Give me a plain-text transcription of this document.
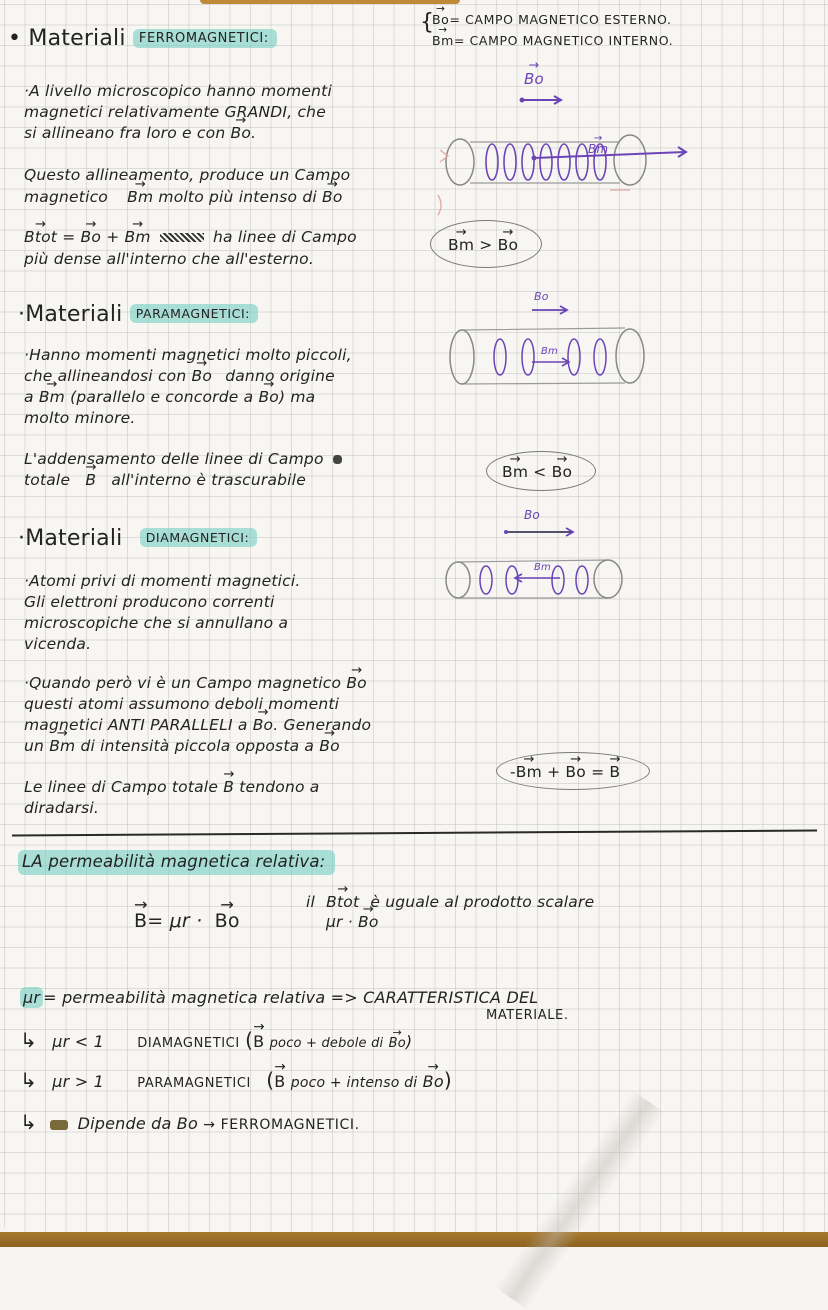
{
→ Bo= CAMPO MAGNETICO ESTERNO.
→ Bm= CAMPO MAGNETICO INTERNO.
• Materiali FERROMAGNETICI:
·A livello microscopico hanno momenti
magnetici relativamente GRANDI, che
si allineano fra loro e con → Bo.
Questo allineamento, produce un Campo
magnetico → Bm molto più intenso di → Bo
→ Btot = → Bo + → Bm	ha linee di Campo
più dense all'interno che all'esterno.
→ Bo
→ Bm
→ Bm > → Bo
·Materiali PARAMAGNETICI:
·Hanno momenti magnetici molto piccoli,
che allineandosi con → Bo danno origine
a → Bm (parallelo e concorde a → Bo) ma
molto minore.
L'addensamento delle linee di Campo
totale → B all'interno è trascurabile
Bo
Bm
→ Bm < → Bo
·Materiali DIAMAGNETICI:
·Atomi privi di momenti magnetici.
Gli elettroni producono correnti
microscopiche che si annullano a
vicenda.
·Quando però vi è un Campo magnetico → Bo
questi atomi assumono deboli momenti
magnetici ANTI PARALLELI a → Bo. Generando
un → Bm di intensità piccola opposta a → Bo
Le linee di Campo totale → B tendono a
diradarsi.
Bo
Bm
-→ Bm + → Bo = → B
LA permeabilità magnetica relativa:
→ B= μr · → Bo
il → Btot è uguale al prodotto scalare
μr · → Bo
μr = permeabilità magnetica relativa => CARATTERISTICA DEL
MATERIALE.
↳ μr < 1	DIAMAGNETICI (→ B poco + debole di → Bo)
↳ μr > 1	PARAMAGNETICI (→ B poco + intenso di → Bo)
↳	Dipende da Bo → FERROMAGNETICI.
